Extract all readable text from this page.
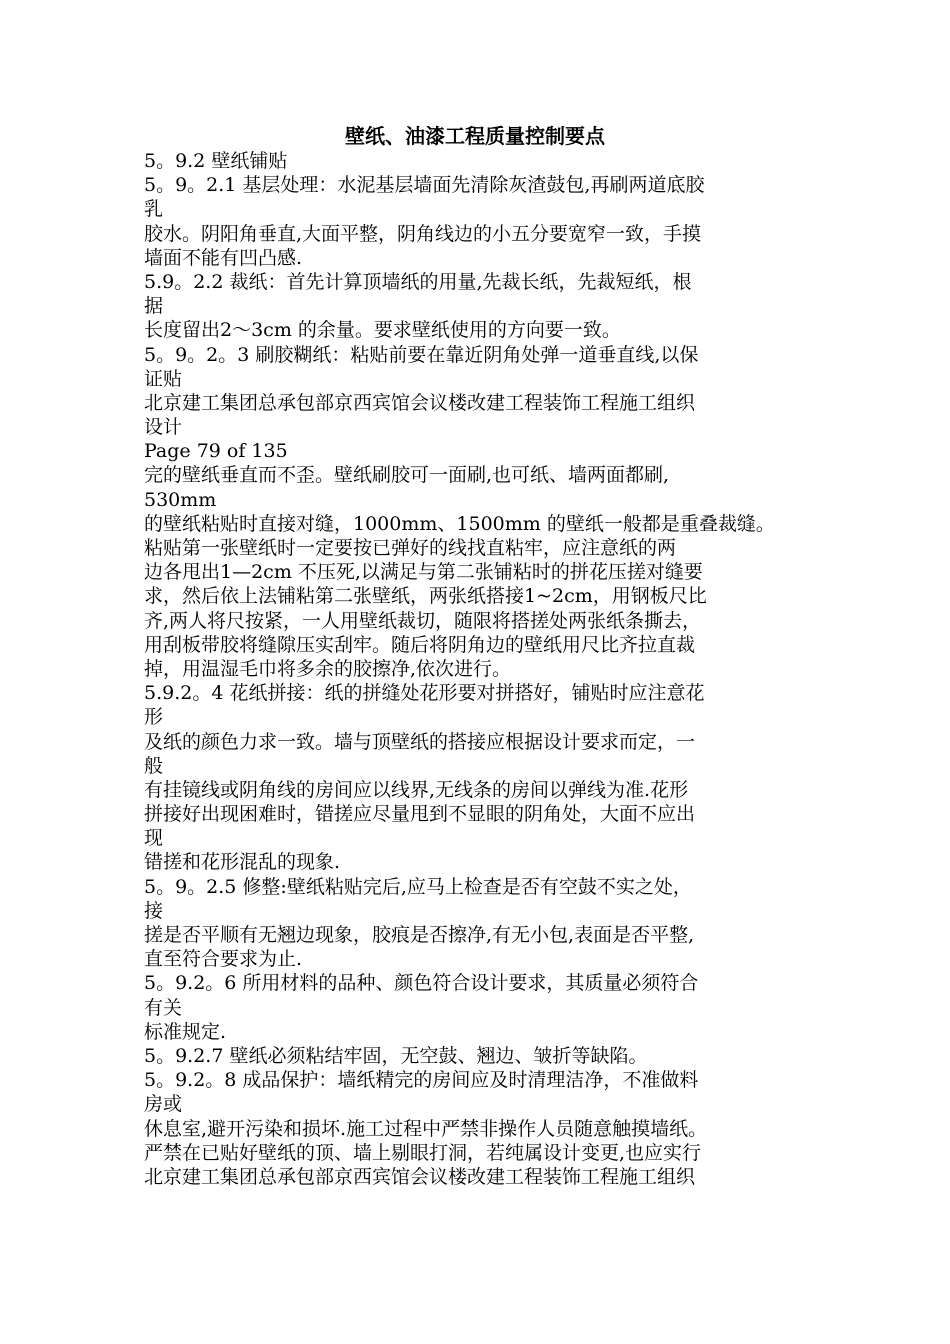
壁纸、油漆工程质量控制要点
5。9.2 壁纸铺贴
5。9。2.1 基层处理：水泥基层墙面先清除灰渣鼓包,再刷两道底胶
乳
胶水。阴阳角垂直,大面平整，阴角线边的小五分要宽窄一致，手摸
墙面不能有凹凸感.
5.9。2.2 裁纸：首先计算顶墙纸的用量,先裁长纸，先裁短纸，根
据
长度留出2～3cm 的余量。要求壁纸使用的方向要一致。
5。9。2。3 刷胶糊纸：粘贴前要在靠近阴角处弹一道垂直线,以保
证贴
北京建工集团总承包部京西宾馆会议楼改建工程装饰工程施工组织
设计
Page 79 of 135
完的壁纸垂直而不歪。壁纸刷胶可一面刷,也可纸、墙两面都刷,
530mm
的壁纸粘贴时直接对缝，1000mm、1500mm 的壁纸一般都是重叠裁缝。
粘贴第一张壁纸时一定要按已弹好的线找直粘牢，应注意纸的两
边各甩出1—2cm 不压死,以满足与第二张铺粘时的拼花压搓对缝要
求，然后依上法铺粘第二张壁纸，两张纸搭接1~2cm，用钢板尺比
齐,两人将尺按紧，一人用壁纸裁切，随限将搭搓处两张纸条撕去，
用刮板带胶将缝隙压实刮牢。随后将阴角边的壁纸用尺比齐拉直裁
掉，用温湿毛巾将多余的胶擦净,依次进行。
5.9.2。4 花纸拼接：纸的拼缝处花形要对拼搭好，铺贴时应注意花
形
及纸的颜色力求一致。墙与顶壁纸的搭接应根据设计要求而定，一
般
有挂镜线或阴角线的房间应以线界,无线条的房间以弹线为准.花形
拼接好出现困难时，错搓应尽量甩到不显眼的阴角处，大面不应出
现
错搓和花形混乱的现象.
5。9。2.5 修整:壁纸粘贴完后,应马上检查是否有空鼓不实之处，
接
搓是否平顺有无翘边现象，胶痕是否擦净,有无小包,表面是否平整,
直至符合要求为止.
5。9.2。6 所用材料的品种、颜色符合设计要求，其质量必须符合
有关
标准规定.
5。9.2.7 壁纸必须粘结牢固，无空鼓、翘边、皱折等缺陷。
5。9.2。8 成品保护：墙纸精完的房间应及时清理洁净，不准做料
房或
休息室,避开污染和损坏.施工过程中严禁非操作人员随意触摸墙纸。
严禁在已贴好壁纸的顶、墙上剔眼打洞，若纯属设计变更,也应实行
北京建工集团总承包部京西宾馆会议楼改建工程装饰工程施工组织
